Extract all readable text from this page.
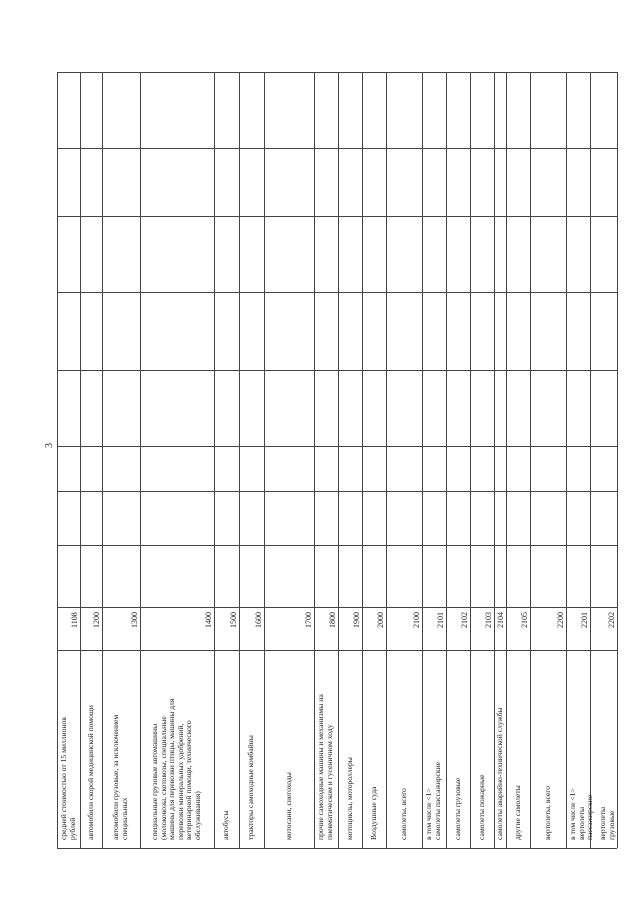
3
средней стоимостью от 15 миллионов
рублей
1108
автомобили скорой медицинской помощи
1200
автомобили грузовые, за исключением
специальных
1300
специальные грузовые автомашины
(молоковозы, скотовозы, специальные
машины для перевозки птицы, машины для
перевозки минеральных удобрений,
ветеринарной помощи, технического
обслуживания)
1400
автобусы
1500
тракторы самоходные комбайны
1600
мотосани, снегоходы
1700
прочие самоходные машины и механизмы на
пневматическом и гусеничном ходу
1800
мотоциклы, мотороллеры
1900
Воздушные суда
2000
самолеты, всего
2100
в том числе <1>
самолеты пассажирские
2101
самолеты грузовые
2102
самолеты пожарные
2103
самолеты аварийно-технической службы
2104
другие самолеты
2105
вертолеты, всего
2200
в том числе <1>
вертолеты пассажирские
2201
вертолеты грузовые
2202
